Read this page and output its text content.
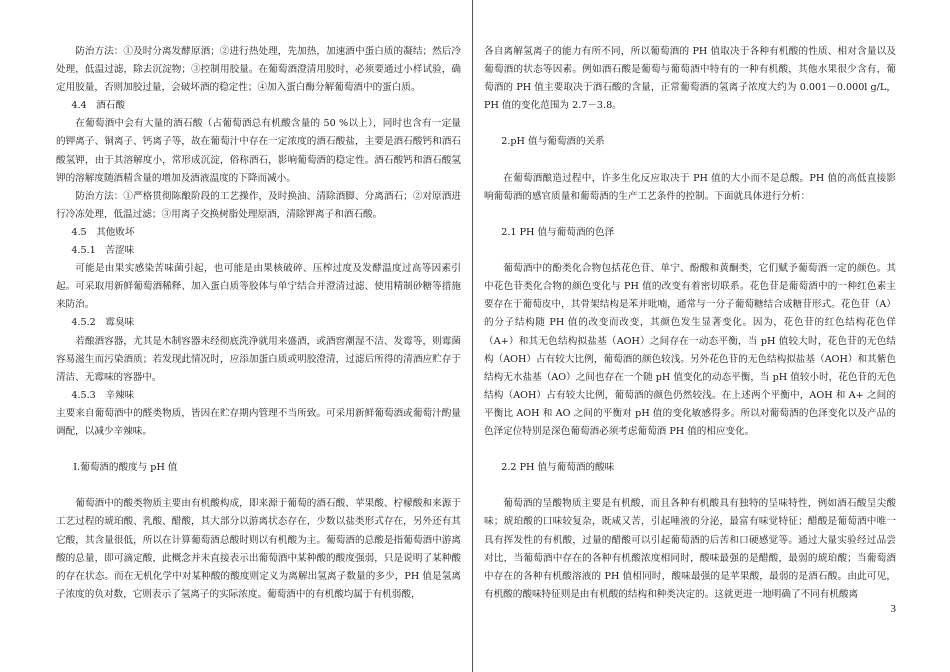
防治方法：①及时分离发酵原酒；②进行热处理，先加热，加速酒中蛋白质的凝结；然后冷处理，低温过滤，除去沉淀物；③控制用胶量。在葡萄酒澄清用胶时，必须要通过小样试验，确定用胶量，否则加胶过量，会破坏酒的稳定性；④加入蛋白酶分解葡萄酒中的蛋白质。

4.4　酒石酸

在葡萄酒中会有大量的酒石酸（占葡萄酒总有机酸含量的 50 %以上），同时也含有一定量的钾离子、铜离子、钙离子等，故在葡萄汁中存在一定浓度的酒石酸盐，主要是酒石酸钙和酒石酸氢钾，由于其溶解度小，常形成沉淀，俗称酒石，影响葡萄酒的稳定性。酒石酸钙和酒石酸氢钾的溶解度随酒精含量的增加及酒液温度的下降而减小。

防治方法：①严格贯彻陈酿阶段的工艺操作，及时换油、清除酒脚、分离酒石；②对原酒进行冷冻处理，低温过滤；③用离子交换树脂处理原酒，清除钾离子和酒石酸。

4.5　其他败坏

4.5.1　苦涩味

可能是由果实感染苦味菌引起，也可能是由果核破碎、压榨过度及发酵温度过高等因素引起。可采取用新鲜葡萄酒稀释、加入蛋白质等胶体与单宁结合并澄清过滤、使用精制砂糖等措施来防治。

4.5.2　霉臭味

若酿酒容器，尤其是木制容器未经彻底洗净就用来盛酒，或酒窖潮湿不洁、发霉等，则霉菌容易滋生而污染酒质；若发现此情况时，应添加蛋白质或明胶澄清，过滤后所得的清酒应贮存于清洁、无霉味的容器中。

4.5.3　辛辣味

主要来自葡萄酒中的醛类物质，皆因在贮存期内管理不当所致。可采用新鲜葡萄酒或葡萄汁酌量调配，以减少辛辣味。

Ⅰ.葡萄酒的酸度与 pH 值

葡萄酒中的酸类物质主要由有机酸构成，即来源于葡萄的酒石酸、苹果酸、柠檬酸和来源于工艺过程的琥珀酸、乳酸、醋酸，其大部分以游离状态存在，少数以盐类形式存在，另外还有其它酸，其含量很低，所以在计算葡萄酒总酸时则以有机酸为主。葡萄酒的总酸是指葡萄酒中游离酸的总量，即可滴定酸，此概念并未直接表示出葡萄酒中某种酸的酸度强弱，只是说明了某种酸的存在状态。而在无机化学中对某种酸的酸度则定义为离解出氢离子数量的多少，PH 值是氢离子浓度的负对数，它则表示了氢离子的实际浓度。葡萄酒中的有机酸均属于有机弱酸，

各自离解氢离子的能力有所不同，所以葡萄酒的 PH 值取决于各种有机酸的性质、相对含量以及葡萄酒的状态等因素。例如酒石酸是葡萄与葡萄酒中特有的一种有机酸，其他水果很少含有，葡萄酒的 PH 值主要取决于酒石酸的含量，正常葡萄酒的氢离子浓度大约为 0.001－0.000l g/L，PH 值的变化范围为 2.7－3.8。

2.pH 值与葡萄酒的关系

在葡萄酒酿造过程中，许多生化反应取决于 PH 值的大小而不是总酸。PH 值的高低直接影响葡萄酒的感官质量和葡萄酒的生产工艺条件的控制。下面就具体进行分析：

2.1 PH 值与葡萄酒的色泽

葡萄酒中的酚类化合物包括花色苷、单宁、酚酸和黄酮类，它们赋予葡萄酒一定的颜色。其中花色苷类化合物的颜色变化与 PH 值的改变有着密切联系。花色苷是葡萄酒中的一种红色素主要存在于葡萄皮中，其骨架结构是苯并吡喃，通常与一分子葡萄糖结合成糖苷形式。花色苷（A）的分子结构随 PH 值的改变而改变，其颜色发生显著变化。因为，花色苷的红色结构花色佯（A+）和其无色结构拟盐基（AOH）之间存在一动态平衡，当 pH 值较大时，花色苷的无色结构（AOH）占有较大比例，葡萄酒的颜色较浅。另外花色苷的无色结构拟盐基（AOH）和其紫色结构无水盐基（AO）之间也存在一个随 pH 值变化的动态平衡，当 pH 值较小时，花色苷的无色结构（AOH）占有较大比例，葡萄酒的颜色仍然较浅。在上述两个平衡中，AOH 和 A+ 之间的平衡比 AOH 和 AO 之间的平衡对 pH 值的变化敏感得多。所以对葡萄酒的色泽变化以及产品的色泽定位特别是深色葡萄酒必须考虑葡萄酒 PH 值的相应变化。

2.2 PH 值与葡萄酒的酸味

葡萄酒的呈酸物质主要是有机酸，而且各种有机酸具有独特的呈味特性，例如酒石酸呈尖酸味；琥珀酸的口味较复杂，既咸又苦，引起唾液的分泌，最富有味觉特征；醋酸是葡萄酒中唯一具有挥发性的有机酸，过量的醋酸可以引起葡萄酒的后苦和口硬感觉等。通过大量实验经过品尝对比，当葡萄酒中存在的各种有机酸浓度相同时，酸味最强的是醋酸，最弱的琥珀酸；当葡萄酒中存在的各种有机酸溶液的 PH 值相同时，酸味最强的是苹果酸，最弱的是酒石酸。由此可见，有机酸的酸味特征则是由有机酸的结构和种类决定的。这就更进一地明确了不同有机酸离

3
